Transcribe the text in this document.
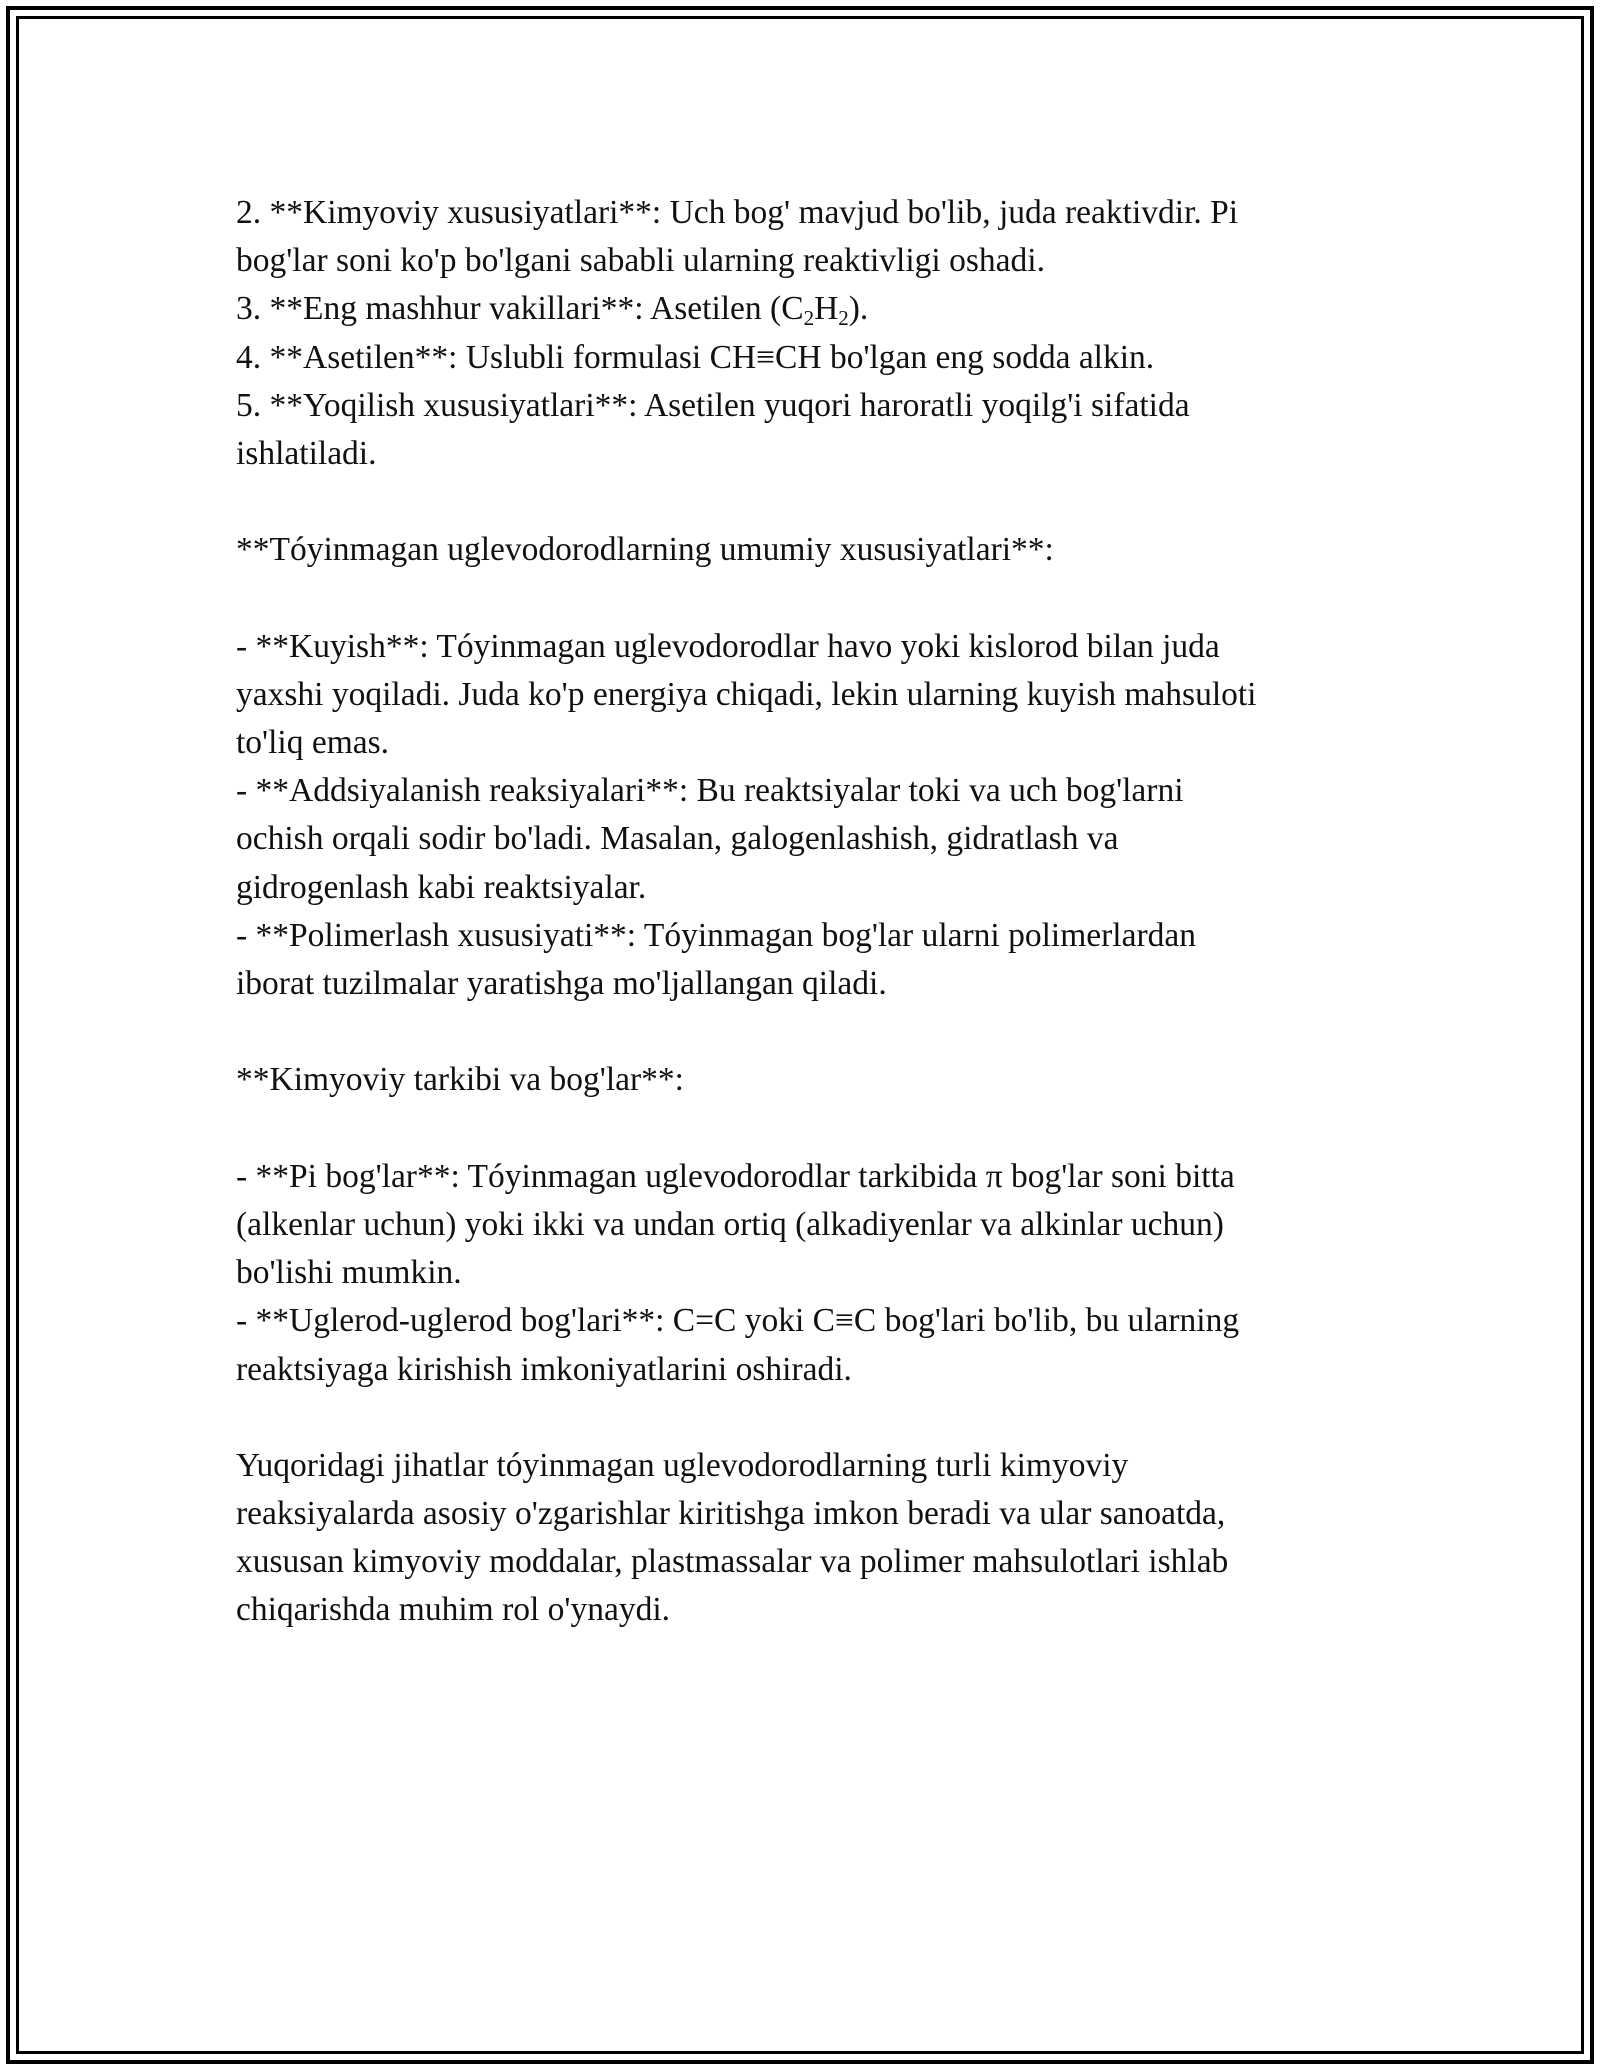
2. **Kimyoviy xususiyatlari**: Uch bog' mavjud bo'lib, juda reaktivdir. Pi
bog'lar soni ko'p bo'lgani sababli ularning reaktivligi oshadi.
3. **Eng mashhur vakillari**: Asetilen $(C_2H_2)$.
4. **Asetilen**: Uslubli formulasi CH≡CH bo'lgan eng sodda alkin.
5. **Yoqilish xususiyatlari**: Asetilen yuqori haroratli yoqilg'i sifatida
ishlatiladi.
**Tóyinmagan uglevodorodlarning umumiy xususiyatlari**:
- **Kuyish**: Tóyinmagan uglevodorodlar havo yoki kislorod bilan juda
yaxshi yoqiladi. Juda ko'p energiya chiqadi, lekin ularning kuyish mahsuloti
to'liq emas.
- **Addsiyalanish reaksiyalari**: Bu reaktsiyalar toki va uch bog'larni
ochish orqali sodir bo'ladi. Masalan, galogenlashish, gidratlash va
gidrogenlash kabi reaktsiyalar.
- **Polimerlash xususiyati**: Tóyinmagan bog'lar ularni polimerlardan
iborat tuzilmalar yaratishga mo'ljallangan qiladi.
**Kimyoviy tarkibi va bog'lar**:
- **Pi bog'lar**: Tóyinmagan uglevodorodlar tarkibida π bog'lar soni bitta
(alkenlar uchun) yoki ikki va undan ortiq (alkadiyenlar va alkinlar uchun)
bo'lishi mumkin.
- **Uglerod-uglerod bog'lari**: C=C yoki C≡C bog'lari bo'lib, bu ularning
reaktsiyaga kirishish imkoniyatlarini oshiradi.
Yuqoridagi jihatlar tóyinmagan uglevodorodlarning turli kimyoviy
reaksiyalarda asosiy o'zgarishlar kiritishga imkon beradi va ular sanoatda,
xususan kimyoviy moddalar, plastmassalar va polimer mahsulotlari ishlab
chiqarishda muhim rol o'ynaydi.
